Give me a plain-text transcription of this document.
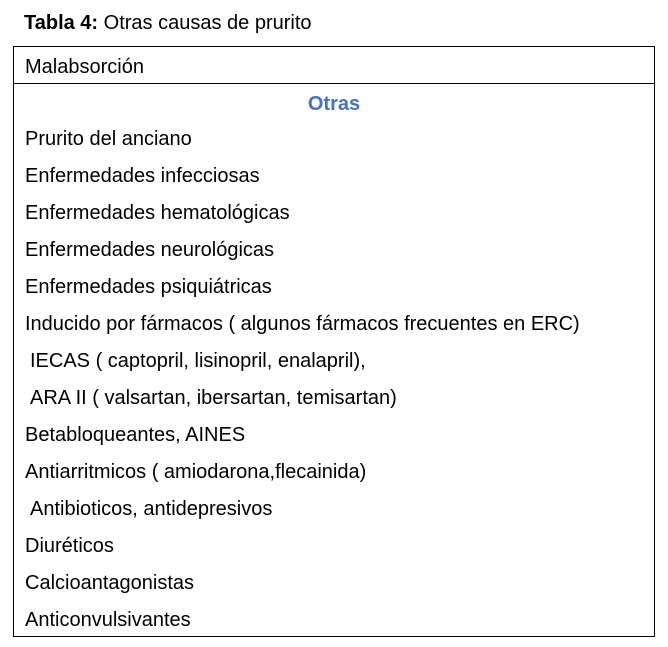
Tabla 4: Otras causas de prurito
Malabsorción
Otras
Prurito del anciano
Enfermedades infecciosas
Enfermedades hematológicas
Enfermedades neurológicas
Enfermedades psiquiátricas
Inducido por fármacos ( algunos fármacos frecuentes en ERC)
IECAS ( captopril, lisinopril, enalapril),
ARA II ( valsartan, ibersartan, temisartan)
Betabloqueantes, AINES
Antiarritmicos ( amiodarona,flecainida)
Antibioticos, antidepresivos
Diuréticos
Calcioantagonistas
Anticonvulsivantes
